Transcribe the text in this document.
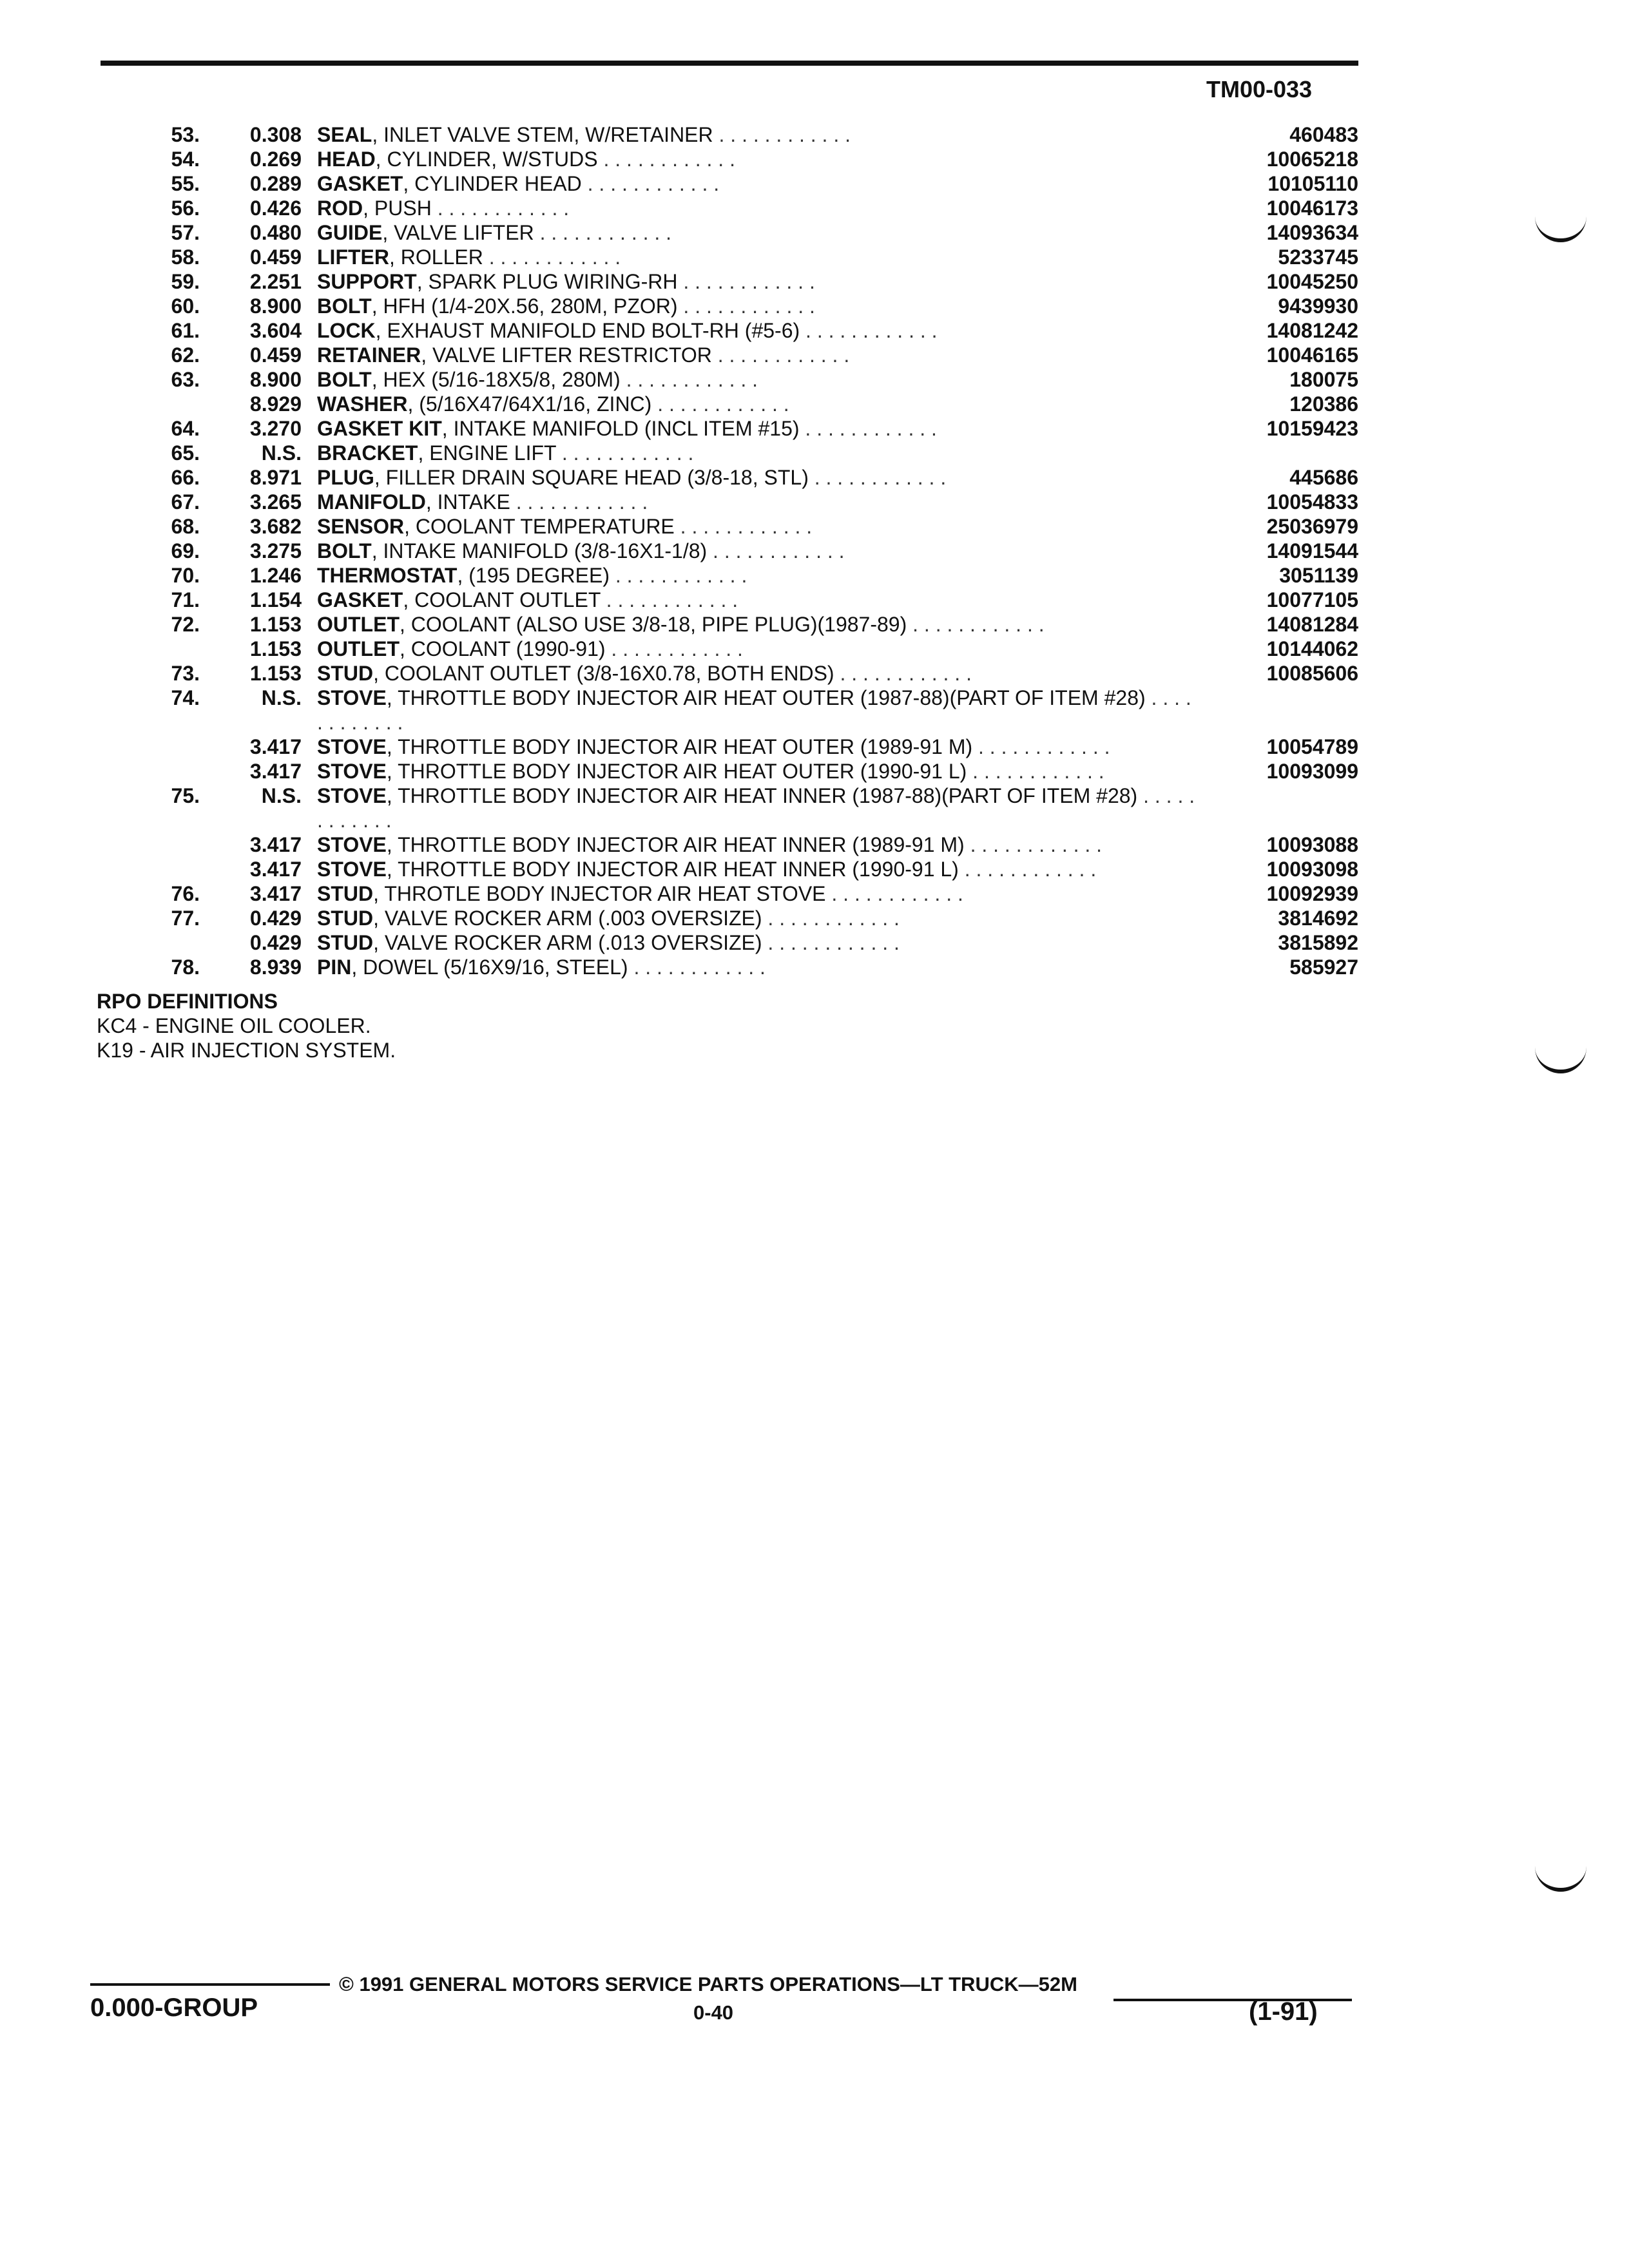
TM00-033
53.	0.308 SEAL, INLET VALVE STEM, W/RETAINER . . . . . . . . . . . .	460483
54.	0.269 HEAD, CYLINDER, W/STUDS . . . . . . . . . . . .	10065218
55.	0.289 GASKET, CYLINDER HEAD . . . . . . . . . . . .	10105110
56.	0.426 ROD, PUSH . . . . . . . . . . . .	10046173
57.	0.480 GUIDE, VALVE LIFTER . . . . . . . . . . . .	14093634
58.	0.459 LIFTER, ROLLER . . . . . . . . . . . .	5233745
59.	2.251 SUPPORT, SPARK PLUG WIRING-RH . . . . . . . . . . . .	10045250
60.	8.900 BOLT, HFH (1/4-20X.56, 280M, PZOR) . . . . . . . . . . . .	9439930
61.	3.604 LOCK, EXHAUST MANIFOLD END BOLT-RH (#5-6) . . . . . . . . . . . .	14081242
62.	0.459 RETAINER, VALVE LIFTER RESTRICTOR . . . . . . . . . . . .	10046165
63.	8.900 BOLT, HEX (5/16-18X5/8, 280M) . . . . . . . . . . . .	180075
8.929 WASHER, (5/16X47/64X1/16, ZINC) . . . . . . . . . . . .	120386
64.	3.270 GASKET KIT, INTAKE MANIFOLD (INCL ITEM #15) . . . . . . . . . . . .	10159423
65.	N.S. BRACKET, ENGINE LIFT . . . . . . . . . . . .
66.	8.971 PLUG, FILLER DRAIN SQUARE HEAD (3/8-18, STL) . . . . . . . . . . . .	445686
67.	3.265 MANIFOLD, INTAKE . . . . . . . . . . . .	10054833
68.	3.682 SENSOR, COOLANT TEMPERATURE . . . . . . . . . . . .	25036979
69.	3.275 BOLT, INTAKE MANIFOLD (3/8-16X1-1/8) . . . . . . . . . . . .	14091544
70.	1.246 THERMOSTAT, (195 DEGREE) . . . . . . . . . . . .	3051139
71.	1.154 GASKET, COOLANT OUTLET . . . . . . . . . . . .	10077105
72.	1.153 OUTLET, COOLANT (ALSO USE 3/8-18, PIPE PLUG)(1987-89) . . . . . . . . . . . .	14081284
1.153 OUTLET, COOLANT (1990-91) . . . . . . . . . . . .	10144062
73.	1.153 STUD, COOLANT OUTLET (3/8-16X0.78, BOTH ENDS) . . . . . . . . . . . .	10085606
74.	N.S. STOVE, THROTTLE BODY INJECTOR AIR HEAT OUTER (1987-88)(PART OF ITEM #28) . . . . . . . . . . . .
3.417 STOVE, THROTTLE BODY INJECTOR AIR HEAT OUTER (1989-91 M) . . . . . . . . . . . .	10054789
3.417 STOVE, THROTTLE BODY INJECTOR AIR HEAT OUTER (1990-91 L) . . . . . . . . . . . .	10093099
75.	N.S. STOVE, THROTTLE BODY INJECTOR AIR HEAT INNER (1987-88)(PART OF ITEM #28) . . . . . . . . . . . .
3.417 STOVE, THROTTLE BODY INJECTOR AIR HEAT INNER (1989-91 M) . . . . . . . . . . . .	10093088
3.417 STOVE, THROTTLE BODY INJECTOR AIR HEAT INNER (1990-91 L) . . . . . . . . . . . .	10093098
76.	3.417 STUD, THROTLE BODY INJECTOR AIR HEAT STOVE . . . . . . . . . . . .	10092939
77.	0.429 STUD, VALVE ROCKER ARM (.003 OVERSIZE) . . . . . . . . . . . .	3814692
0.429 STUD, VALVE ROCKER ARM (.013 OVERSIZE) . . . . . . . . . . . .	3815892
78.	8.939 PIN, DOWEL (5/16X9/16, STEEL) . . . . . . . . . . . .	585927
RPO DEFINITIONS
KC4 - ENGINE OIL COOLER.
K19 - AIR INJECTION SYSTEM.
© 1991 GENERAL MOTORS SERVICE PARTS OPERATIONS—LT TRUCK—52M
0.000-GROUP	0-40	(1-91)
